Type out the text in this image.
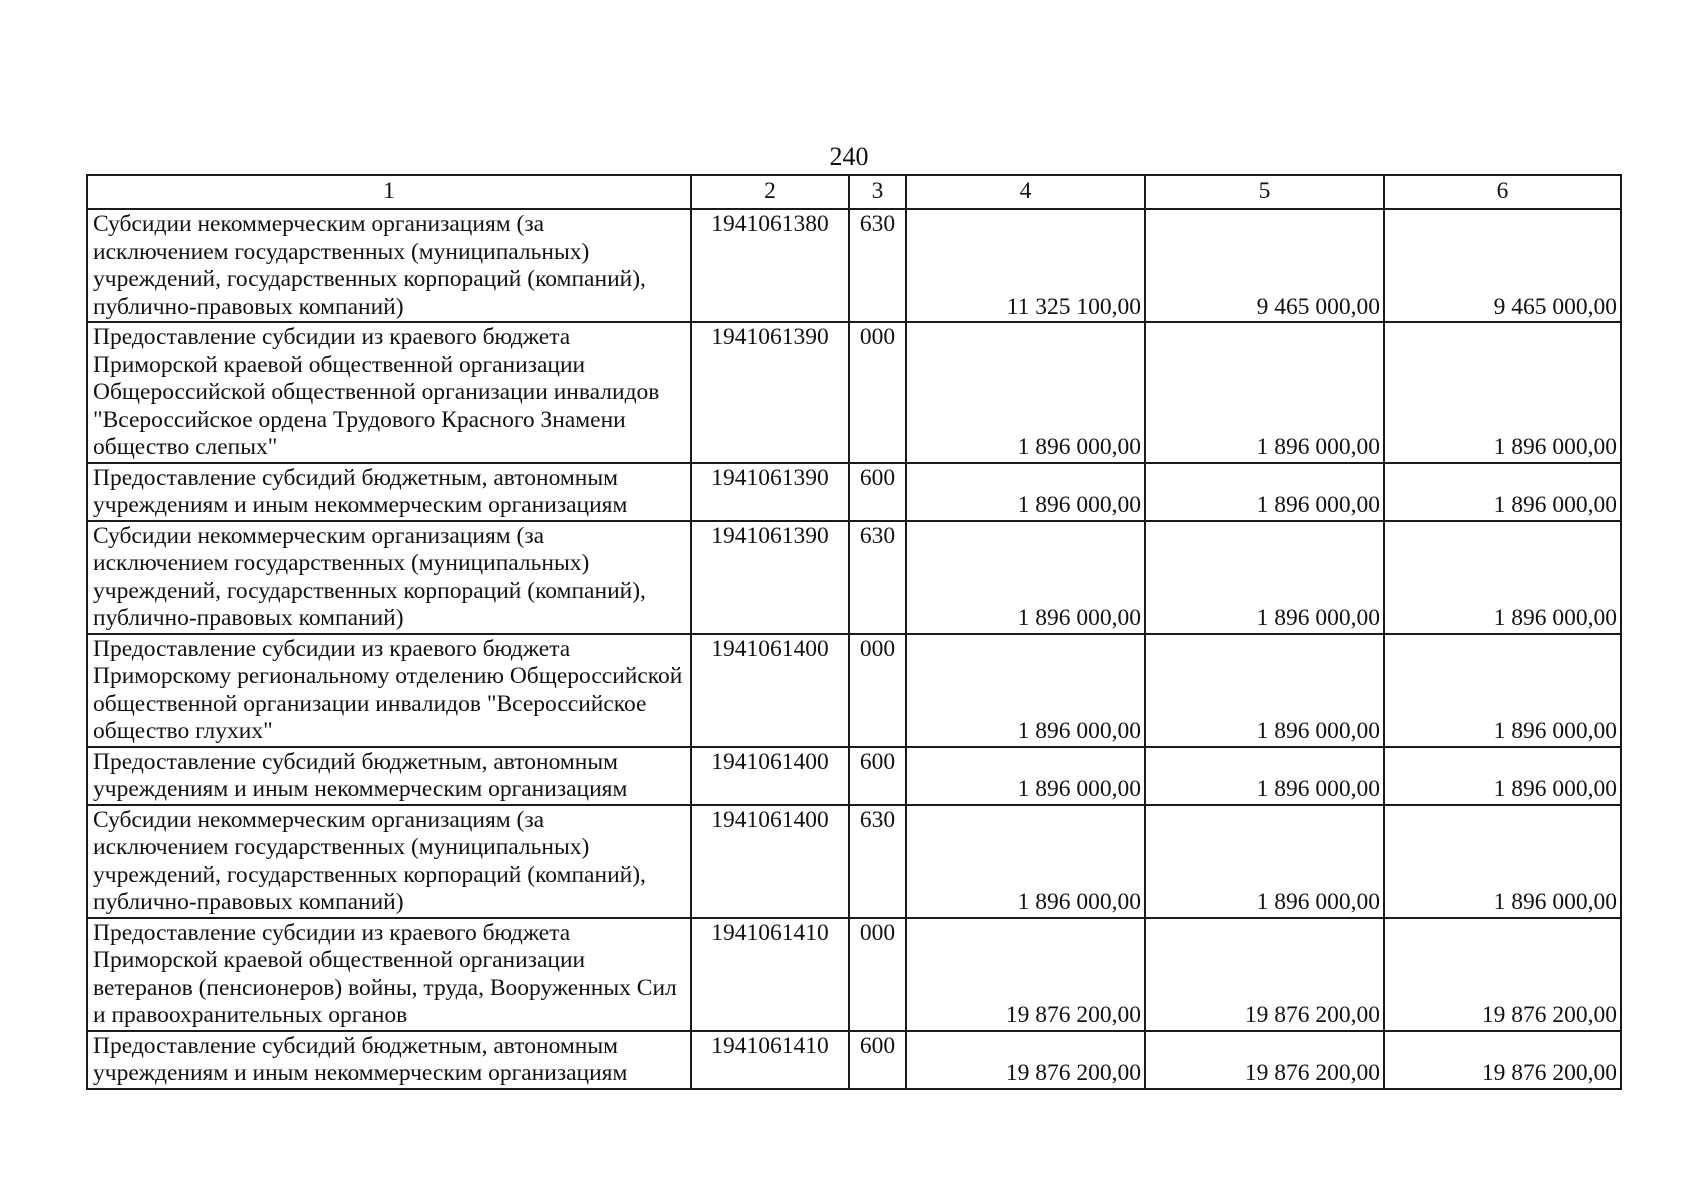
240
1	2	3	4	5	6
Субсидии некоммерческим организациям (за исключением государственных (муниципальных) учреждений, государственных корпораций (компаний), публично-правовых компаний)	1941061380	630	11 325 100,00	9 465 000,00	9 465 000,00
Предоставление субсидии из краевого бюджета Приморской краевой общественной организации Общероссийской общественной организации инвалидов "Всероссийское ордена Трудового Красного Знамени общество слепых"	1941061390	000	1 896 000,00	1 896 000,00	1 896 000,00
Предоставление субсидий бюджетным, автономным учреждениям и иным некоммерческим организациям	1941061390	600	1 896 000,00	1 896 000,00	1 896 000,00
Субсидии некоммерческим организациям (за исключением государственных (муниципальных) учреждений, государственных корпораций (компаний), публично-правовых компаний)	1941061390	630	1 896 000,00	1 896 000,00	1 896 000,00
Предоставление субсидии из краевого бюджета Приморскому региональному отделению Общероссийской общественной организации инвалидов "Всероссийское общество глухих"	1941061400	000	1 896 000,00	1 896 000,00	1 896 000,00
Предоставление субсидий бюджетным, автономным учреждениям и иным некоммерческим организациям	1941061400	600	1 896 000,00	1 896 000,00	1 896 000,00
Субсидии некоммерческим организациям (за исключением государственных (муниципальных) учреждений, государственных корпораций (компаний), публично-правовых компаний)	1941061400	630	1 896 000,00	1 896 000,00	1 896 000,00
Предоставление субсидии из краевого бюджета Приморской краевой общественной организации ветеранов (пенсионеров) войны, труда, Вооруженных Сил и правоохранительных органов	1941061410	000	19 876 200,00	19 876 200,00	19 876 200,00
Предоставление субсидий бюджетным, автономным учреждениям и иным некоммерческим организациям	1941061410	600	19 876 200,00	19 876 200,00	19 876 200,00
